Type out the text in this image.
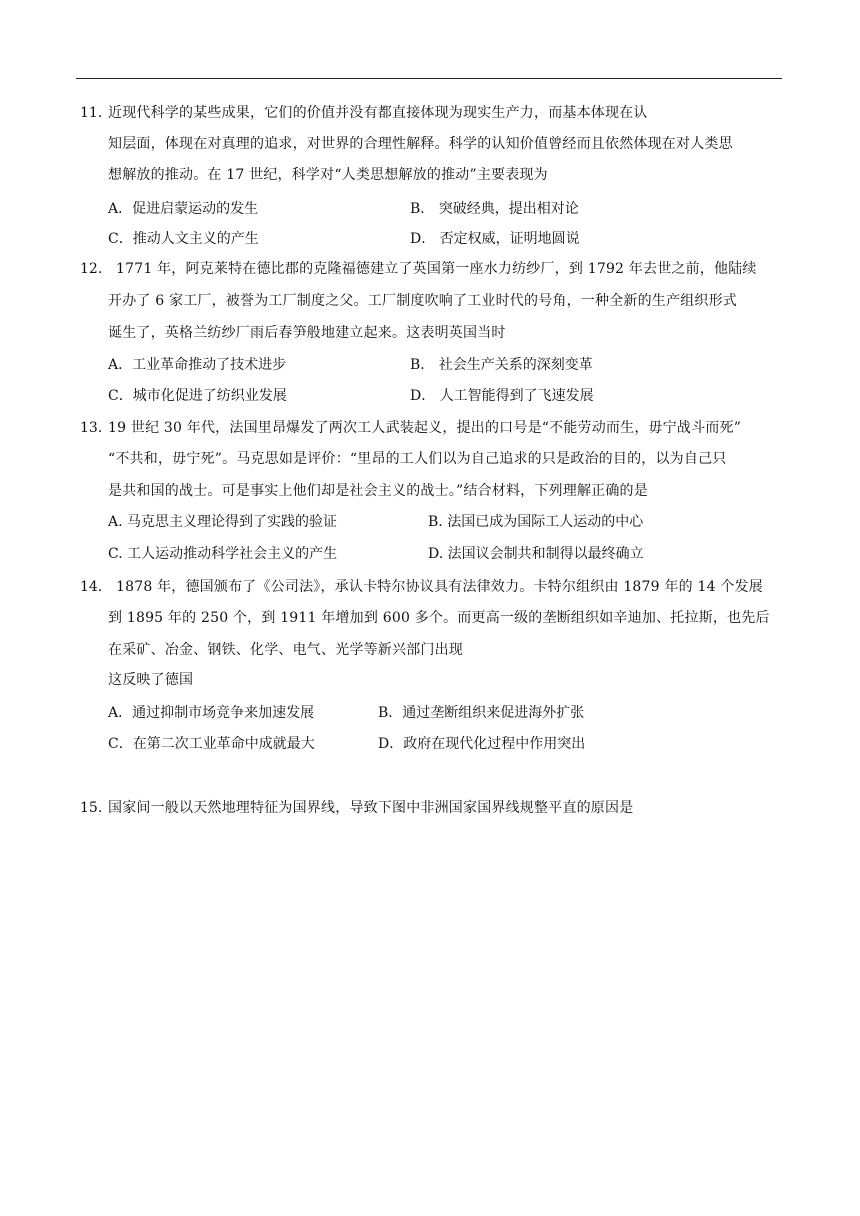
11. 近现代科学的某些成果，它们的价值并没有都直接体现为现实生产力，而基本体现在认
知层面，体现在对真理的追求，对世界的合理性解释。科学的认知价值曾经而且依然体现在对人类思
想解放的推动。在 17 世纪，科学对“人类思想解放的推动”主要表现为
A．促进启蒙运动的发生	B． 突破经典，提出相对论
C．推动人文主义的产生	D． 否定权威，证明地圆说
12. 1771 年，阿克莱特在德比郡的克隆福德建立了英国第一座水力纺纱厂，到 1792 年去世之前，他陆续
开办了 6 家工厂，被誉为工厂制度之父。工厂制度吹响了工业时代的号角，一种全新的生产组织形式
诞生了，英格兰纺纱厂雨后春笋般地建立起来。这表明英国当时
A．工业革命推动了技术进步	B． 社会生产关系的深刻变革
C．城市化促进了纺织业发展	D． 人工智能得到了飞速发展
13. 19 世纪 30 年代，法国里昂爆发了两次工人武装起义，提出的口号是“不能劳动而生，毋宁战斗而死”
“不共和，毋宁死”。马克思如是评价：“里昂的工人们以为自己追求的只是政治的目的，以为自己只
是共和国的战士。可是事实上他们却是社会主义的战士。”结合材料，下列理解正确的是
A. 马克思主义理论得到了实践的验证	B. 法国已成为国际工人运动的中心
C. 工人运动推动科学社会主义的产生	D. 法国议会制共和制得以最终确立
14. 1878 年，德国颁布了《公司法》，承认卡特尔协议具有法律效力。卡特尔组织由 1879 年的 14 个发展
到 1895 年的 250 个，到 1911 年增加到 600 多个。而更高一级的垄断组织如辛迪加、托拉斯，也先后
在采矿、冶金、钢铁、化学、电气、光学等新兴部门出现
这反映了德国
A．通过抑制市场竞争来加速发展	B．通过垄断组织来促进海外扩张
C．在第二次工业革命中成就最大	D．政府在现代化过程中作用突出
15. 国家间一般以天然地理特征为国界线，导致下图中非洲国家国界线规整平直的原因是
